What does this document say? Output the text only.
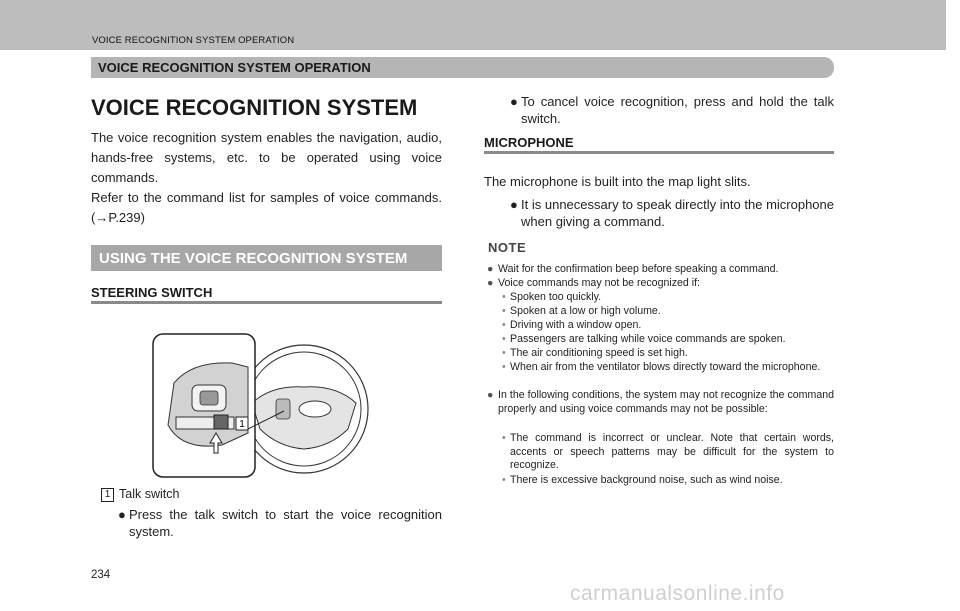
VOICE RECOGNITION SYSTEM OPERATION
VOICE RECOGNITION SYSTEM OPERATION
VOICE RECOGNITION SYSTEM

The voice recognition system enables the navigation, audio, hands-free systems, etc. to be operated using voice commands.

Refer to the command list for samples of voice commands. (→P.239)

USING THE VOICE RECOGNITION SYSTEM
STEERING SWITCH
1
1 Talk switch

● Press the talk switch to start the voice recognition system.

● To cancel voice recognition, press and hold the talk switch.

MICROPHONE

The microphone is built into the map light slits.

● It is unnecessary to speak directly into the microphone when giving a command.

NOTE

● Wait for the confirmation beep before speaking a command.

● Voice commands may not be recognized if:

• Spoken too quickly.

• Spoken at a low or high volume.

• Driving with a window open.

• Passengers are talking while voice commands are spoken.

• The air conditioning speed is set high.

• When air from the ventilator blows directly toward the microphone.

● In the following conditions, the system may not recognize the command properly and using voice commands may not be possible:

• The command is incorrect or unclear. Note that certain words, accents or speech patterns may be difficult for the system to recognize.

• There is excessive background noise, such as wind noise.

234
carmanualsonline.info
